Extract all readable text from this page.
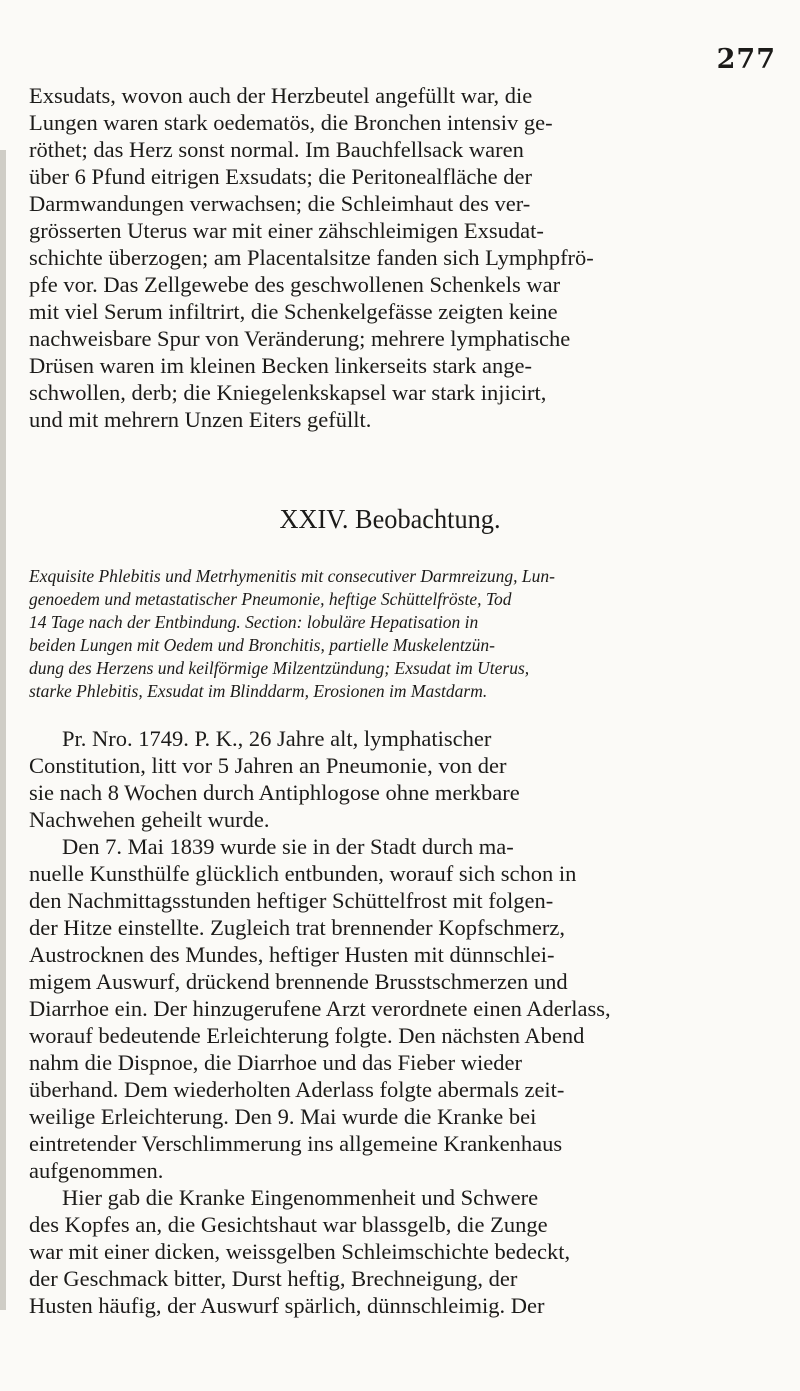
277
Exsudats, wovon auch der Herzbeutel angefüllt war, die
Lungen waren stark oedematös, die Bronchen intensiv ge-
röthet; das Herz sonst normal. Im Bauchfellsack waren
über 6 Pfund eitrigen Exsudats; die Peritonealfläche der
Darmwandungen verwachsen; die Schleimhaut des ver-
grösserten Uterus war mit einer zähschleimigen Exsudat-
schichte überzogen; am Placentalsitze fanden sich Lymphpfrö-
pfe vor. Das Zellgewebe des geschwollenen Schenkels war
mit viel Serum infiltrirt, die Schenkelgefässe zeigten keine
nachweisbare Spur von Veränderung; mehrere lymphatische
Drüsen waren im kleinen Becken linkerseits stark ange-
schwollen, derb; die Kniegelenkskapsel war stark injicirt,
und mit mehrern Unzen Eiters gefüllt.
XXIV. Beobachtung.
Exquisite Phlebitis und Metrhymenitis mit consecutiver Darmreizung, Lun-
genoedem und metastatischer Pneumonie, heftige Schüttelfröste, Tod
14 Tage nach der Entbindung. Section: lobuläre Hepatisation in
beiden Lungen mit Oedem und Bronchitis, partielle Muskelentzün-
dung des Herzens und keilförmige Milzentzündung; Exsudat im Uterus,
starke Phlebitis, Exsudat im Blinddarm, Erosionen im Mastdarm.
Pr. Nro. 1749. P. K., 26 Jahre alt, lymphatischer
Constitution, litt vor 5 Jahren an Pneumonie, von der
sie nach 8 Wochen durch Antiphlogose ohne merkbare
Nachwehen geheilt wurde.
Den 7. Mai 1839 wurde sie in der Stadt durch ma-
nuelle Kunsthülfe glücklich entbunden, worauf sich schon in
den Nachmittagsstunden heftiger Schüttelfrost mit folgen-
der Hitze einstellte. Zugleich trat brennender Kopfschmerz,
Austrocknen des Mundes, heftiger Husten mit dünnschlei-
migem Auswurf, drückend brennende Brusstschmerzen und
Diarrhoe ein. Der hinzugerufene Arzt verordnete einen Aderlass,
worauf bedeutende Erleichterung folgte. Den nächsten Abend
nahm die Dispnoe, die Diarrhoe und das Fieber wieder
überhand. Dem wiederholten Aderlass folgte abermals zeit-
weilige Erleichterung. Den 9. Mai wurde die Kranke bei
eintretender Verschlimmerung ins allgemeine Krankenhaus
aufgenommen.
Hier gab die Kranke Eingenommenheit und Schwere
des Kopfes an, die Gesichtshaut war blassgelb, die Zunge
war mit einer dicken, weissgelben Schleimschichte bedeckt,
der Geschmack bitter, Durst heftig, Brechneigung, der
Husten häufig, der Auswurf spärlich, dünnschleimig. Der
